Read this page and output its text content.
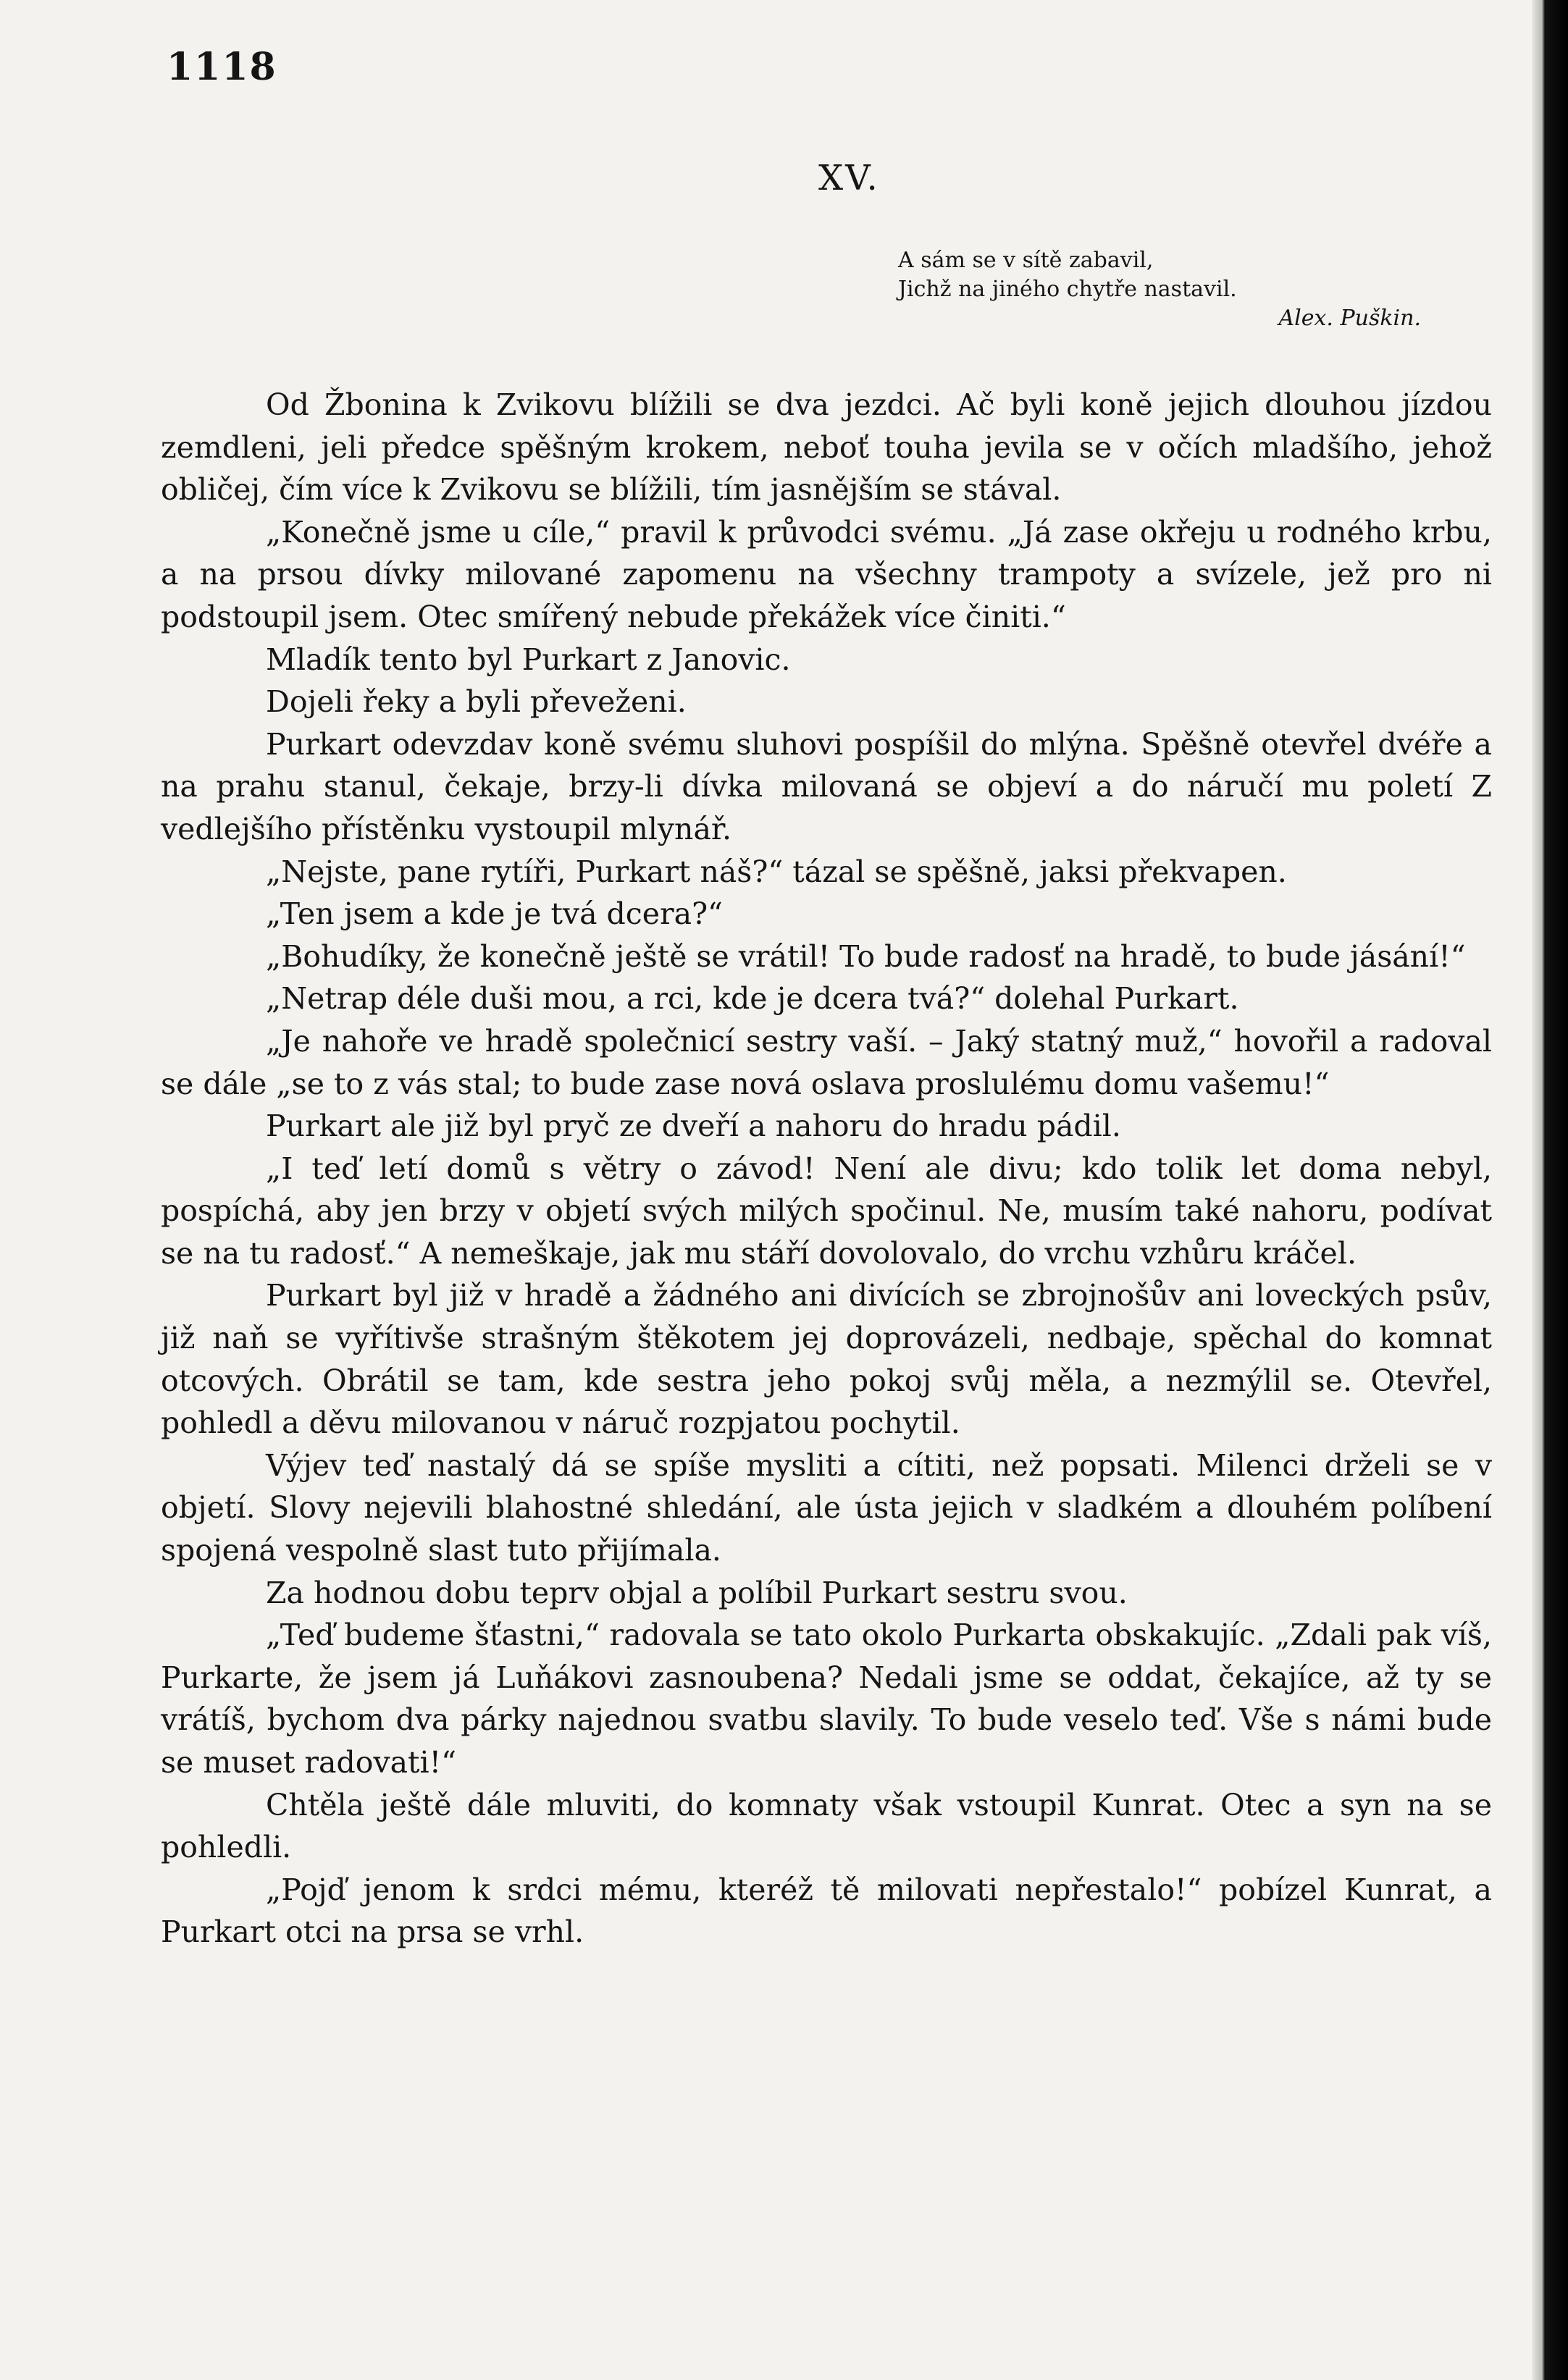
1118
XV.
A sám se v sítě zabavil,
Jichž na jiného chytře nastavil.
Alex. Puškin.

Od Žbonina k Zvikovu blížili se dva jezdci. Ač byli koně jejich dlouhou jízdou zemdleni, jeli předce spěšným krokem, neboť touha jevila se v očích mladšího, jehož obličej, čím více k Zvikovu se blížili, tím jasnějším se stával.

„Konečně jsme u cíle,“ pravil k průvodci svému. „Já zase okřeju u rodného krbu, a na prsou dívky milované zapomenu na všechny trampoty a svízele, jež pro ni podstoupil jsem. Otec smířený nebude překážek více činiti.“

Mladík tento byl Purkart z Janovic.

Dojeli řeky a byli převeženi.

Purkart odevzdav koně svému sluhovi pospíšil do mlýna. Spěšně otevřel dvéře a na prahu stanul, čekaje, brzy-li dívka milovaná se objeví a do náručí mu poletí Z vedlejšího přístěnku vystoupil mlynář.

„Nejste, pane rytíři, Purkart náš?“ tázal se spěšně, jaksi překvapen.

„Ten jsem a kde je tvá dcera?“

„Bohudíky, že konečně ještě se vrátil! To bude radosť na hradě, to bude jásání!“

„Netrap déle duši mou, a rci, kde je dcera tvá?“ dolehal Purkart.

„Je nahoře ve hradě společnicí sestry vaší. – Jaký statný muž,“ hovořil a radoval se dále „se to z vás stal; to bude zase nová oslava proslulému domu vašemu!“

Purkart ale již byl pryč ze dveří a nahoru do hradu pádil.

„I teď letí domů s větry o závod! Není ale divu; kdo tolik let doma nebyl, pospíchá, aby jen brzy v objetí svých milých spočinul. Ne, musím také nahoru, podívat se na tu radosť.“ A nemeškaje, jak mu stáří dovolovalo, do vrchu vzhůru kráčel.

Purkart byl již v hradě a žádného ani divících se zbrojnošův ani loveckých psův, již naň se vyřítivše strašným štěkotem jej doprovázeli, nedbaje, spěchal do komnat otcových. Obrátil se tam, kde sestra jeho pokoj svůj měla, a nezmýlil se. Otevřel, pohledl a děvu milovanou v náruč rozpjatou pochytil.

Výjev teď nastalý dá se spíše mysliti a cítiti, než popsati. Milenci drželi se v objetí. Slovy nejevili blahostné shledání, ale ústa jejich v sladkém a dlouhém políbení spojená vespolně slast tuto přijímala.

Za hodnou dobu teprv objal a políbil Purkart sestru svou.

„Teď budeme šťastni,“ radovala se tato okolo Purkarta obskakujíc. „Zdali pak víš, Purkarte, že jsem já Luňákovi zasnoubena? Nedali jsme se oddat, čekajíce, až ty se vrátíš, bychom dva párky najednou svatbu slavily. To bude veselo teď. Vše s námi bude se muset radovati!“

Chtěla ještě dále mluviti, do komnaty však vstoupil Kunrat. Otec a syn na se pohledli.

„Pojď jenom k srdci mému, kteréž tě milovati nepřestalo!“ pobízel Kunrat, a Purkart otci na prsa se vrhl.
